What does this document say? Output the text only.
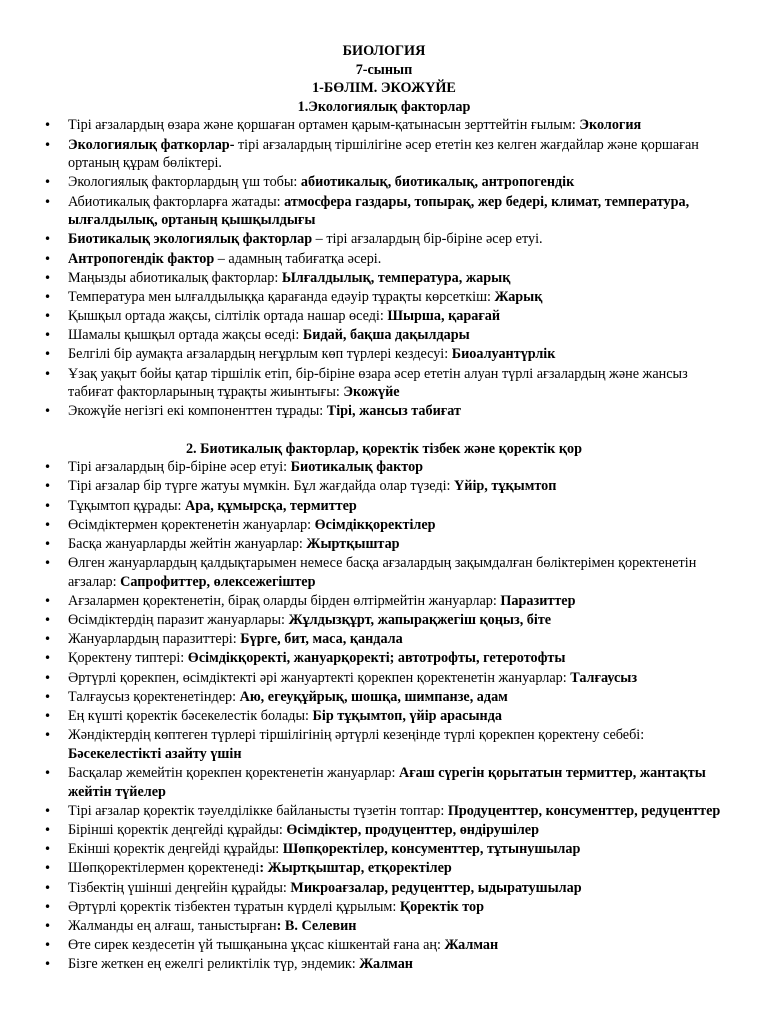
БИОЛОГИЯ

7-сынып

1-БӨЛІМ. ЭКОЖҮЙЕ

1.Экологиялық факторлар

• Тірі ағзалардың өзара және қоршаған ортамен қарым-қатынасын зерттейтін ғылым: Экология
• Экологиялық фаткорлар- тірі ағзалардың тіршілігіне әсер ететін кез келген жағдайлар және қоршаған ортаның құрам бөліктері.
• Экологиялық факторлардың үш тобы: абиотикалық, биотикалық, антропогендік
• Абиотикалық факторларға жатады: атмосфера газдары, топырақ, жер бедері, климат, температура, ылғалдылық, ортаның қышқылдығы
• Биотикалық экологиялық факторлар – тірі ағзалардың бір-біріне әсер етуі.
• Антропогендік фактор – адамның табиғатқа әсері.
• Маңызды абиотикалық факторлар: Ылғалдылық, температура, жарық
• Температура мен ылғалдылыққа қарағанда едәуір тұрақты көрсеткіш: Жарық
• Қышқыл ортада жақсы, сілтілік ортада нашар өседі: Шырша, қарағай
• Шамалы қышқыл ортада жақсы өседі: Бидай, бақша дақылдары
• Белгілі бір аумақта ағзалардың неғұрлым көп түрлері кездесуі: Биоалуантүрлік
• Ұзақ уақыт бойы қатар тіршілік етіп, бір-біріне өзара әсер ететін алуан түрлі ағзалардың және жансыз табиғат факторларының тұрақты жиынтығы: Экожүйе
• Экожүйе негізгі екі компоненттен тұрады: Тірі, жансыз табиғат

2. Биотикалық факторлар, қоректік тізбек және қоректік қор

• Тірі ағзалардың бір-біріне әсер етуі: Биотикалық фактор
• Тірі ағзалар бір түрге жатуы мүмкін. Бұл жағдайда олар түзеді: Үйір, тұқымтоп
• Тұқымтоп құрады: Ара, құмырсқа, термиттер
• Өсімдіктермен қоректенетін жануарлар: Өсімдікқоректілер
• Басқа жануарларды жейтін жануарлар: Жыртқыштар
• Өлген жануарлардың қалдықтарымен немесе басқа ағзалардың зақымдалған бөліктерімен қоректенетін ағзалар: Сапрофиттер, өлексежегіштер
• Ағзалармен қоректенетін, бірақ оларды бірден өлтірмейтін жануарлар: Паразиттер
• Өсімдіктердің паразит жануарлары: Жұлдызқұрт, жапырақжегіш қоңыз, біте
• Жануарлардың паразиттері: Бүрге, бит, маса, қандала
• Қоректену типтері: Өсімдікқоректі, жануарқоректі; автотрофты, гетеротофты
• Әртүрлі қорекпен, өсімдіктекті әрі жануартекті қорекпен қоректенетін жануарлар: Талғаусыз
• Талғаусыз қоректенетіндер: Аю, егеуқұйрық, шошқа, шимпанзе, адам
• Ең күшті қоректік бәсекелестік болады: Бір тұқымтоп, үйір арасында
• Жәндіктердің көптеген түрлері тіршілігінің әртүрлі кезеңінде түрлі қорекпен қоректену себебі: Бәсекелестікті азайту үшін
• Басқалар жемейтін қорекпен қоректенетін жануарлар: Ағаш сүрегін қорытатын термиттер, жантақты жейтін түйелер
• Тірі ағзалар қоректік тәуелділікке байланысты түзетін топтар: Продуценттер, консументтер, редуценттер
• Бірінші қоректік деңгейді құрайды: Өсімдіктер, продуценттер, өндірушілер
• Екінші қоректік деңгейді құрайды: Шөпқоректілер, консументтер, тұтынушылар
• Шөпқоректілермен қоректенеді: Жыртқыштар, етқоректілер
• Тізбектің үшінші деңгейін құрайды: Микроағзалар, редуценттер, ыдыратушылар
• Әртүрлі қоректік тізбектен тұратын күрделі құрылым: Қоректік тор
• Жалманды ең алғаш, таныстырған: В. Селевин
• Өте сирек кездесетін үй тышқанына ұқсас кішкентай ғана аң: Жалман
• Бізге жеткен ең ежелгі реликтілік түр, эндемик: Жалман
